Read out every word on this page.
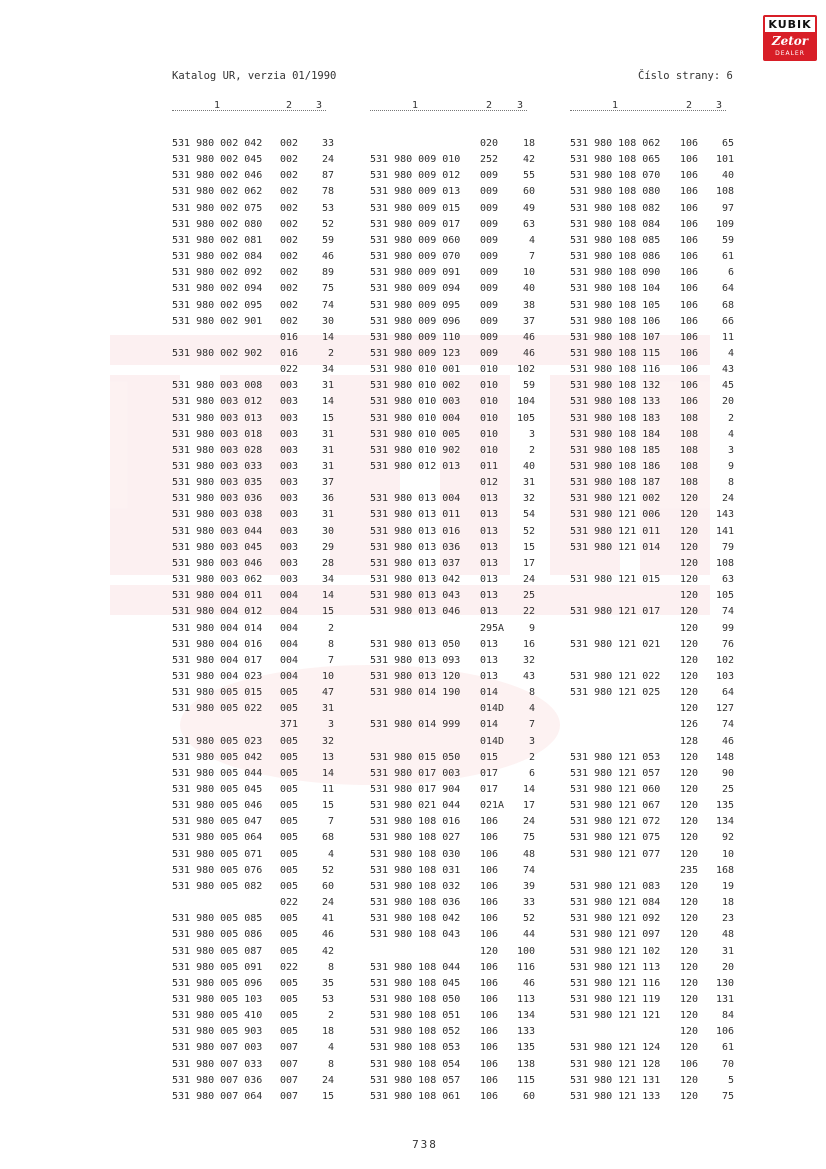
KUBIK
Zetor
DEALER
Katalog UR, verzia 01/1990	Číslo strany: 6
1	2 3	1	2 3	1	2 3
531 980 002 042 002	33	020	18	531 980 108 062 106	65
531 980 002 045 002	24	531 980 009 010 252	42	531 980 108 065 106	101
531 980 002 046 002	87	531 980 009 012 009	55	531 980 108 070 106	40
531 980 002 062 002	78	531 980 009 013 009	60	531 980 108 080 106	108
531 980 002 075 002	53	531 980 009 015 009	49	531 980 108 082 106	97
531 980 002 080 002	52	531 980 009 017 009	63	531 980 108 084 106	109
531 980 002 081 002	59	531 980 009 060 009	4	531 980 108 085 106	59
531 980 002 084 002	46	531 980 009 070 009	7	531 980 108 086 106	61
531 980 002 092 002	89	531 980 009 091 009	10	531 980 108 090 106	6
531 980 002 094 002	75	531 980 009 094 009	40	531 980 108 104 106	64
531 980 002 095 002	74	531 980 009 095 009	38	531 980 108 105 106	68
531 980 002 901 002	30	531 980 009 096 009	37	531 980 108 106 106	66
016	14	531 980 009 110 009	46	531 980 108 107 106	11
531 980 002 902 016	2	531 980 009 123 009	46	531 980 108 115 106	4
022	34	531 980 010 001 010	102	531 980 108 116 106	43
531 980 003 008 003	31	531 980 010 002 010	59	531 980 108 132 106	45
531 980 003 012 003	14	531 980 010 003 010	104	531 980 108 133 106	20
531 980 003 013 003	15	531 980 010 004 010	105	531 980 108 183 108	2
531 980 003 018 003	31	531 980 010 005 010	3	531 980 108 184 108	4
531 980 003 028 003	31	531 980 010 902 010	2	531 980 108 185 108	3
531 980 003 033 003	31	531 980 012 013 011	40	531 980 108 186 108	9
531 980 003 035 003	37	012	31	531 980 108 187 108	8
531 980 003 036 003	36	531 980 013 004 013	32	531 980 121 002 120	24
531 980 003 038 003	31	531 980 013 011 013	54	531 980 121 006 120	143
531 980 003 044 003	30	531 980 013 016 013	52	531 980 121 011 120	141
531 980 003 045 003	29	531 980 013 036 013	15	531 980 121 014 120	79
531 980 003 046 003	28	531 980 013 037 013	17	120	108
531 980 003 062 003	34	531 980 013 042 013	24	531 980 121 015 120	63
531 980 004 011 004	14	531 980 013 043 013	25	120	105
531 980 004 012 004	15	531 980 013 046 013	22	531 980 121 017 120	74
531 980 004 014 004	2	295A	9	120	99
531 980 004 016 004	8	531 980 013 050 013	16	531 980 121 021 120	76
531 980 004 017 004	7	531 980 013 093 013	32	120	102
531 980 004 023 004	10	531 980 013 120 013	43	531 980 121 022 120	103
531 980 005 015 005	47	531 980 014 190 014	8	531 980 121 025 120	64
531 980 005 022 005	31	014D	4	120	127
371	3	531 980 014 999 014	7	126	74
531 980 005 023 005	32	014D	3	128	46
531 980 005 042 005	13	531 980 015 050 015	2	531 980 121 053 120	148
531 980 005 044 005	14	531 980 017 003 017	6	531 980 121 057 120	90
531 980 005 045 005	11	531 980 017 904 017	14	531 980 121 060 120	25
531 980 005 046 005	15	531 980 021 044 021A	17	531 980 121 067 120	135
531 980 005 047 005	7	531 980 108 016 106	24	531 980 121 072 120	134
531 980 005 064 005	68	531 980 108 027 106	75	531 980 121 075 120	92
531 980 005 071 005	4	531 980 108 030 106	48	531 980 121 077 120	10
531 980 005 076 005	52	531 980 108 031 106	74	235	168
531 980 005 082 005	60	531 980 108 032 106	39	531 980 121 083 120	19
022	24	531 980 108 036 106	33	531 980 121 084 120	18
531 980 005 085 005	41	531 980 108 042 106	52	531 980 121 092 120	23
531 980 005 086 005	46	531 980 108 043 106	44	531 980 121 097 120	48
531 980 005 087 005	42	120	100	531 980 121 102 120	31
531 980 005 091 022	8	531 980 108 044 106	116	531 980 121 113 120	20
531 980 005 096 005	35	531 980 108 045 106	46	531 980 121 116 120	130
531 980 005 103 005	53	531 980 108 050 106	113	531 980 121 119 120	131
531 980 005 410 005	2	531 980 108 051 106	134	531 980 121 121 120	84
531 980 005 903 005	18	531 980 108 052 106	133	120	106
531 980 007 003 007	4	531 980 108 053 106	135	531 980 121 124 120	61
531 980 007 033 007	8	531 980 108 054 106	138	531 980 121 128 106	70
531 980 007 036 007	24	531 980 108 057 106	115	531 980 121 131 120	5
531 980 007 064 007	15	531 980 108 061 106	60	531 980 121 133 120	75
738
